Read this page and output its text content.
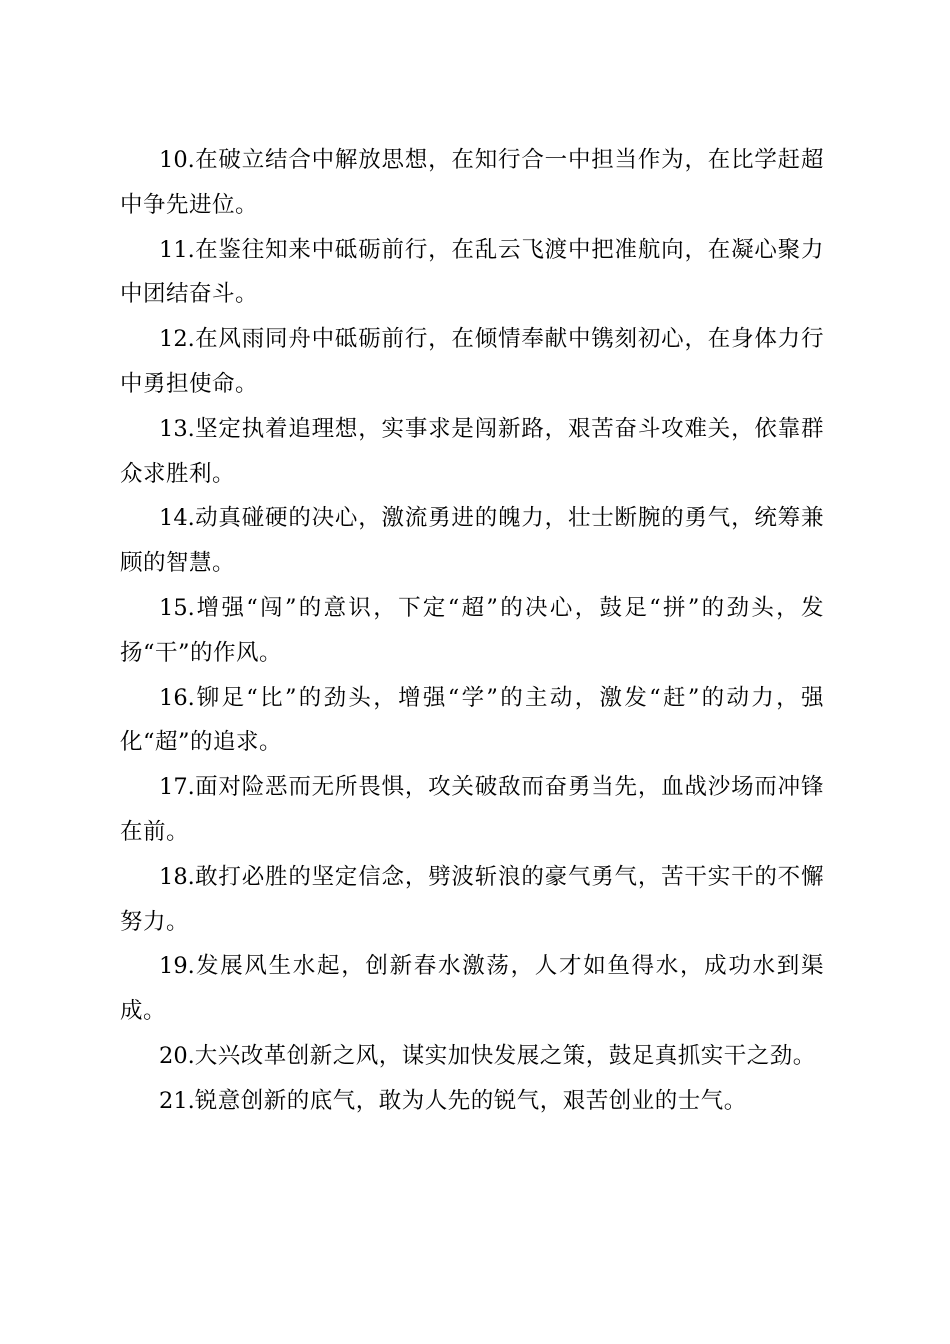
10.在破立结合中解放思想，在知行合一中担当作为，在比学赶超中争先进位。

11.在鉴往知来中砥砺前行，在乱云飞渡中把准航向，在凝心聚力中团结奋斗。

12.在风雨同舟中砥砺前行，在倾情奉献中镌刻初心，在身体力行中勇担使命。

13.坚定执着追理想，实事求是闯新路，艰苦奋斗攻难关，依靠群众求胜利。

14.动真碰硬的决心，激流勇进的魄力，壮士断腕的勇气，统筹兼顾的智慧。

15.增强“闯”的意识，下定“超”的决心，鼓足“拼”的劲头，发扬“干”的作风。

16.铆足“比”的劲头，增强“学”的主动，激发“赶”的动力，强化“超”的追求。

17.面对险恶而无所畏惧，攻关破敌而奋勇当先，血战沙场而冲锋在前。

18.敢打必胜的坚定信念，劈波斩浪的豪气勇气，苦干实干的不懈努力。

19.发展风生水起，创新春水激荡，人才如鱼得水，成功水到渠成。

20.大兴改革创新之风，谋实加快发展之策，鼓足真抓实干之劲。

21.锐意创新的底气，敢为人先的锐气，艰苦创业的士气。
